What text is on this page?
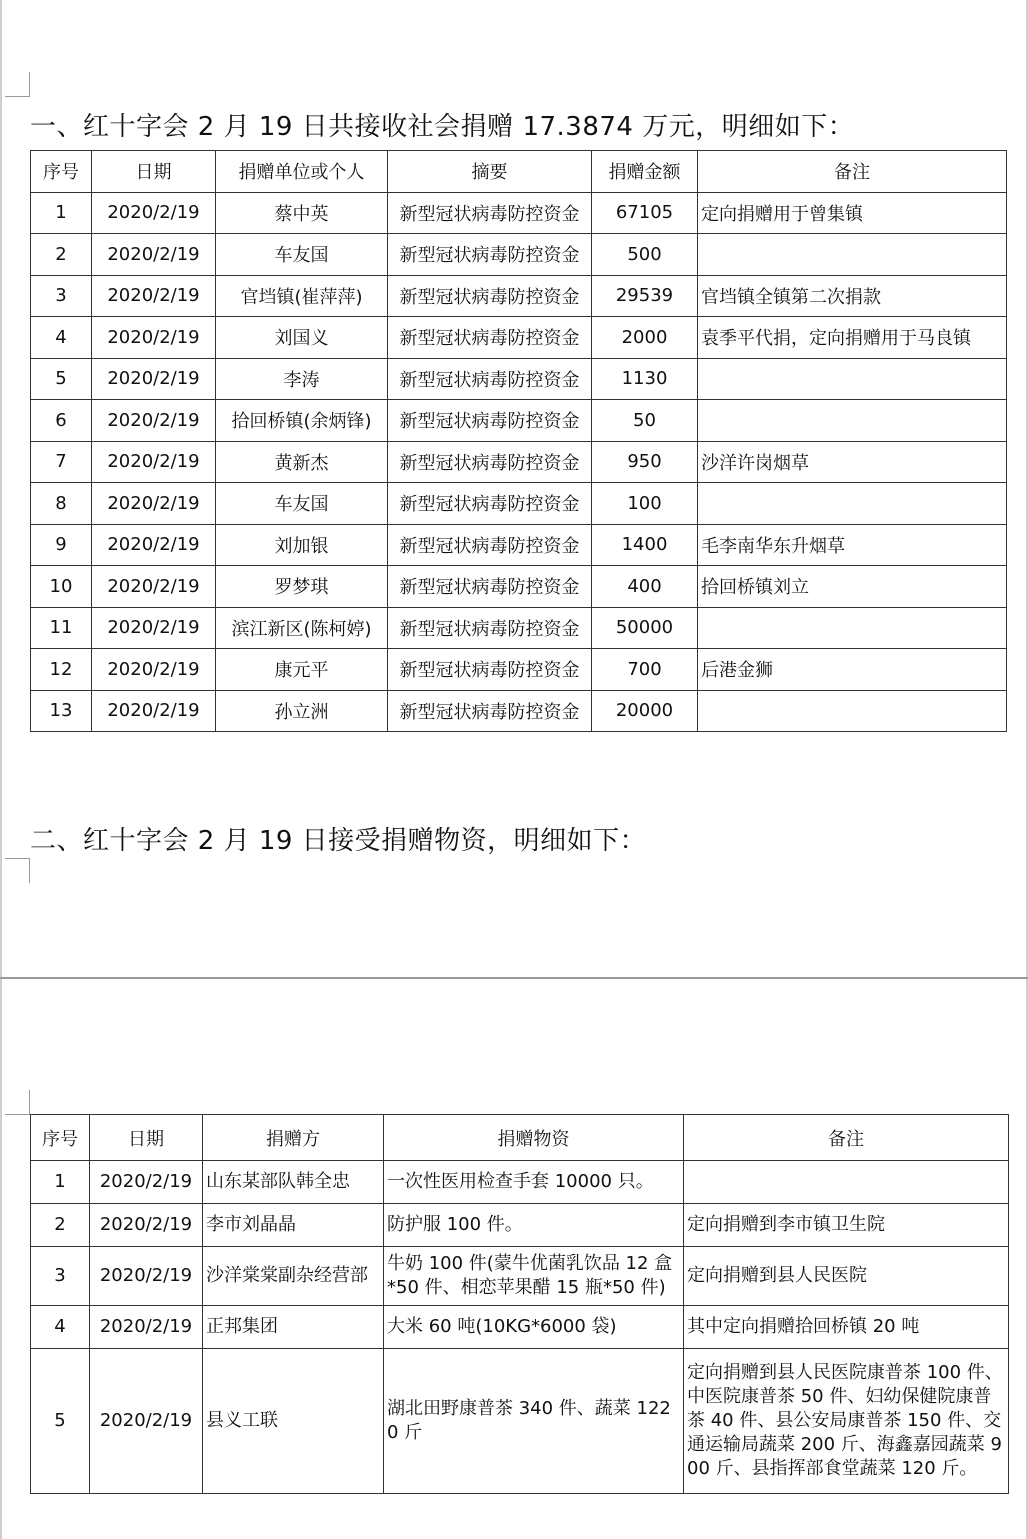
一、红十字会 2 月 19 日共接收社会捐赠 17.3874 万元，明细如下：
序号	日期	捐赠单位或个人	摘要	捐赠金额	备注
1	2020/2/19	蔡中英	新型冠状病毒防控资金	67105	定向捐赠用于曾集镇
2	2020/2/19	车友国	新型冠状病毒防控资金	500	
3	2020/2/19	官垱镇(崔萍萍)	新型冠状病毒防控资金	29539	官垱镇全镇第二次捐款
4	2020/2/19	刘国义	新型冠状病毒防控资金	2000	袁季平代捐，定向捐赠用于马良镇
5	2020/2/19	李涛	新型冠状病毒防控资金	1130	
6	2020/2/19	拾回桥镇(余炳锋)	新型冠状病毒防控资金	50	
7	2020/2/19	黄新杰	新型冠状病毒防控资金	950	沙洋许岗烟草
8	2020/2/19	车友国	新型冠状病毒防控资金	100	
9	2020/2/19	刘加银	新型冠状病毒防控资金	1400	毛李南华东升烟草
10	2020/2/19	罗梦琪	新型冠状病毒防控资金	400	拾回桥镇刘立
11	2020/2/19	滨江新区(陈柯婷)	新型冠状病毒防控资金	50000	
12	2020/2/19	康元平	新型冠状病毒防控资金	700	后港金狮
13	2020/2/19	孙立洲	新型冠状病毒防控资金	20000	
二、红十字会 2 月 19 日接受捐赠物资，明细如下：
序号	日期	捐赠方	捐赠物资	备注
1	2020/2/19	山东某部队韩全忠	一次性医用检查手套 10000 只。	
2	2020/2/19	李市刘晶晶	防护服 100 件。	定向捐赠到李市镇卫生院
3	2020/2/19	沙洋棠棠副杂经营部	牛奶 100 件(蒙牛优菌乳饮品 12 盒*50 件、相恋苹果醋 15 瓶*50 件)	定向捐赠到县人民医院
4	2020/2/19	正邦集团	大米 60 吨(10KG*6000 袋)	其中定向捐赠拾回桥镇 20 吨
5	2020/2/19	县义工联	湖北田野康普茶 340 件、蔬菜 1220 斤	定向捐赠到县人民医院康普茶 100 件、中医院康普茶 50 件、妇幼保健院康普茶 40 件、县公安局康普茶 150 件、交通运输局蔬菜 200 斤、海鑫嘉园蔬菜 900 斤、县指挥部食堂蔬菜 120 斤。
